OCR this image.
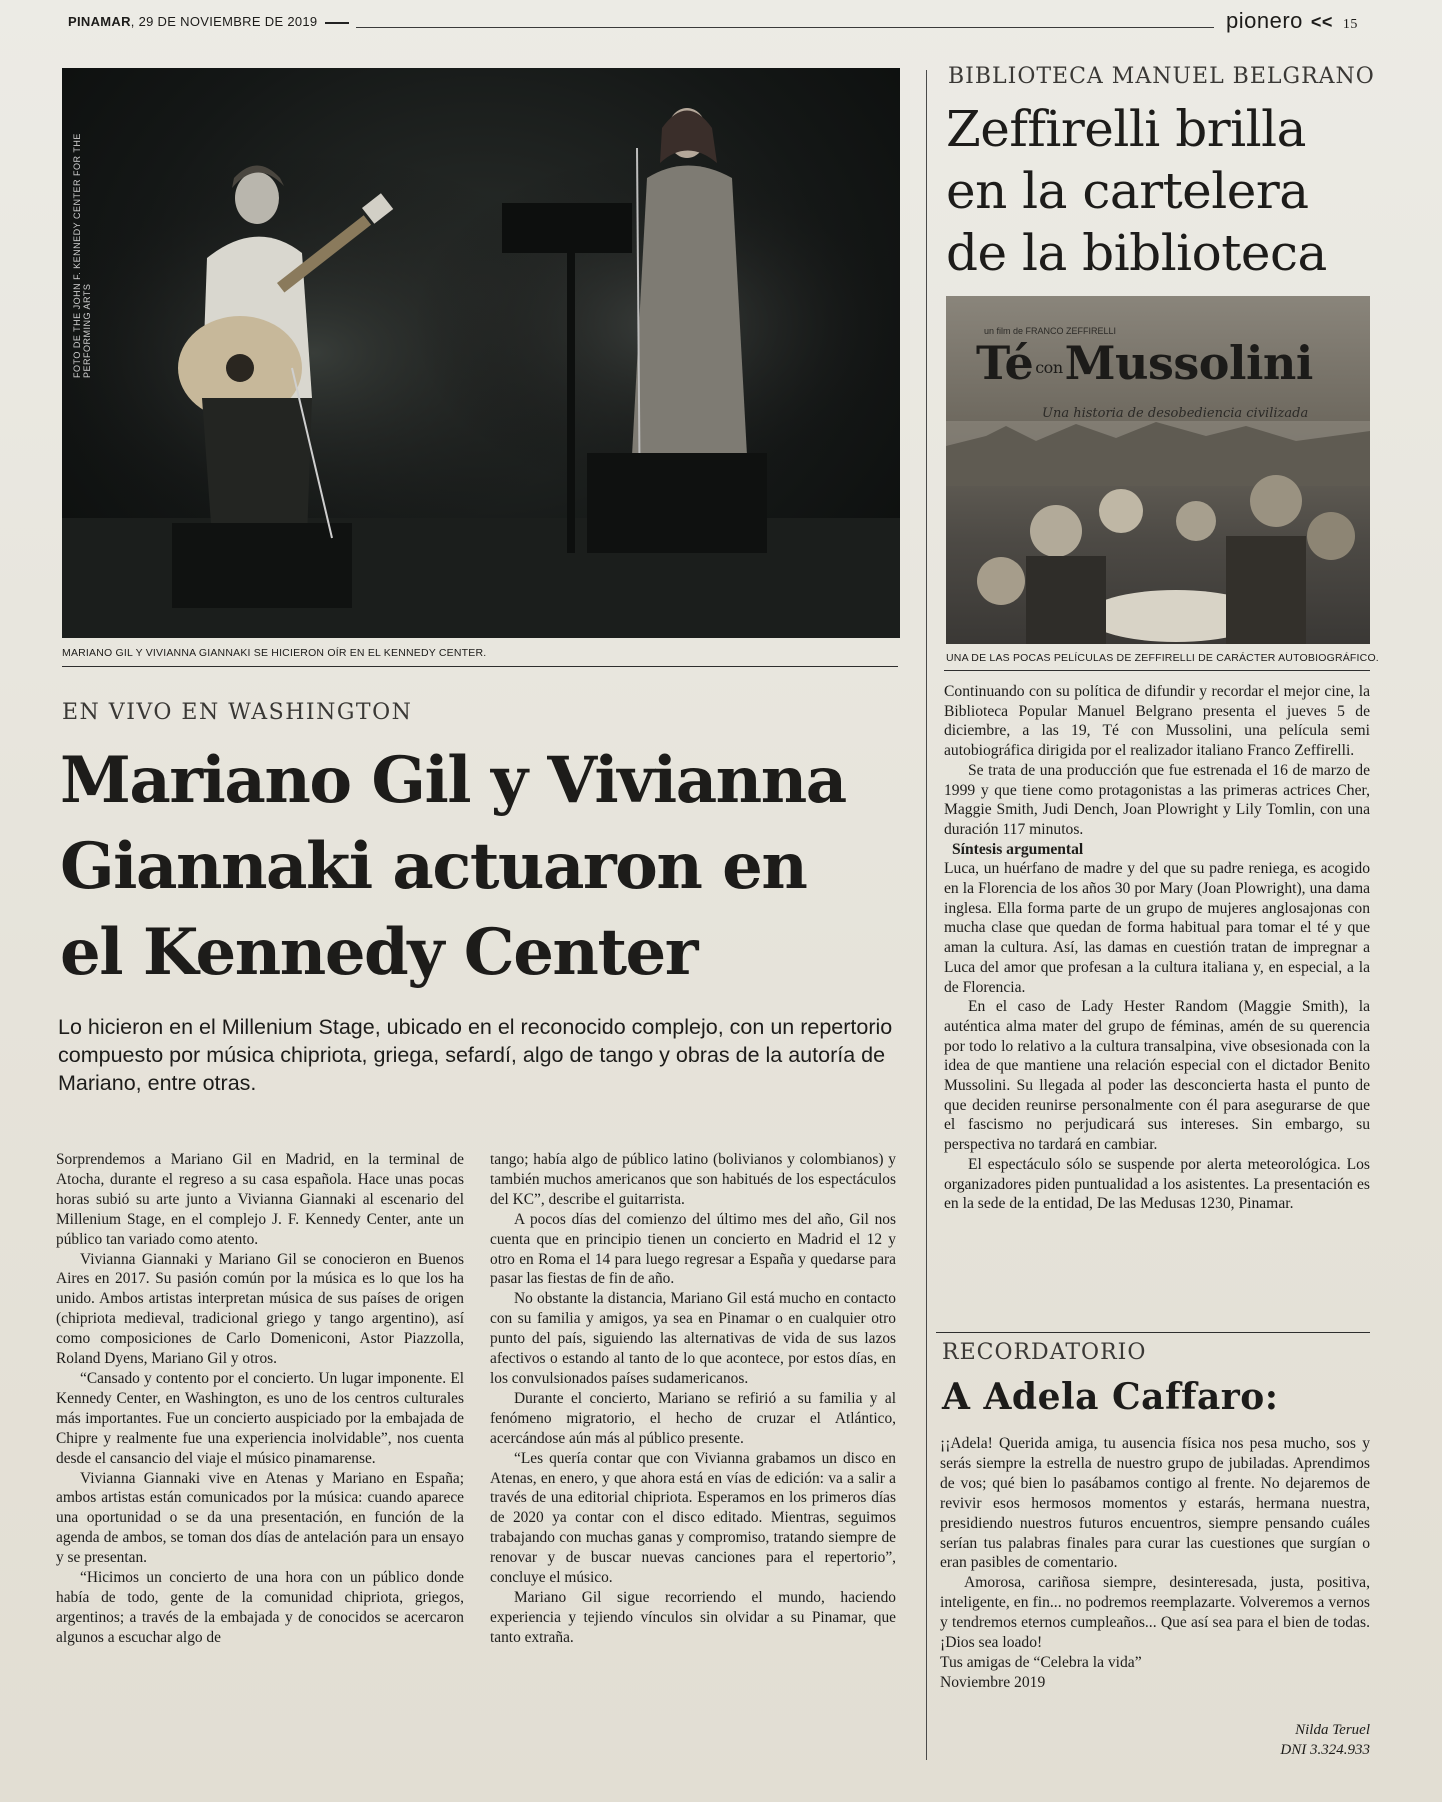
PINAMAR, 29 DE NOVIEMBRE DE 2019	pionero << 15
FOTO DE THE JOHN F. KENNEDY CENTER FOR THE PERFORMING ARTS
MARIANO GIL Y VIVIANNA GIANNAKI SE HICIERON OÍR EN EL KENNEDY CENTER.
EN VIVO EN WASHINGTON
Mariano Gil y Vivianna Giannaki actuaron en el Kennedy Center
Lo hicieron en el Millenium Stage, ubicado en el reconocido complejo, con un repertorio compuesto por música chipriota, griega, sefardí, algo de tango y obras de la autoría de Mariano, entre otras.

Sorprendemos a Mariano Gil en Madrid, en la terminal de Atocha, durante el regreso a su casa española. Hace unas pocas horas subió su arte junto a Vivianna Giannaki al escenario del Millenium Stage, en el complejo J. F. Kennedy Center, ante un público tan variado como atento.

Vivianna Giannaki y Mariano Gil se conocieron en Buenos Aires en 2017. Su pasión común por la música es lo que los ha unido. Ambos artistas interpretan música de sus países de origen (chipriota medieval, tradicional griego y tango argentino), así como composiciones de Carlo Domeniconi, Astor Piazzolla, Roland Dyens, Mariano Gil y otros.

“Cansado y contento por el concierto. Un lugar imponente. El Kennedy Center, en Washington, es uno de los centros culturales más importantes. Fue un concierto auspiciado por la embajada de Chipre y realmente fue una experiencia inolvidable”, nos cuenta desde el cansancio del viaje el músico pinamarense.

Vivianna Giannaki vive en Atenas y Mariano en España; ambos artistas están comunicados por la música: cuando aparece una oportunidad o se da una presentación, en función de la agenda de ambos, se toman dos días de antelación para un ensayo y se presentan.

“Hicimos un concierto de una hora con un público donde había de todo, gente de la comunidad chipriota, griegos, argentinos; a través de la embajada y de conocidos se acercaron algunos a escuchar algo de

tango; había algo de público latino (bolivianos y colombianos) y también muchos americanos que son habitués de los espectáculos del KC”, describe el guitarrista.

A pocos días del comienzo del último mes del año, Gil nos cuenta que en principio tienen un concierto en Madrid el 12 y otro en Roma el 14 para luego regresar a España y quedarse para pasar las fiestas de fin de año.

No obstante la distancia, Mariano Gil está mucho en contacto con su familia y amigos, ya sea en Pinamar o en cualquier otro punto del país, siguiendo las alternativas de vida de sus lazos afectivos o estando al tanto de lo que acontece, por estos días, en los convulsionados países sudamericanos.

Durante el concierto, Mariano se refirió a su familia y al fenómeno migratorio, el hecho de cruzar el Atlántico, acercándose aún más al público presente.

“Les quería contar que con Vivianna grabamos un disco en Atenas, en enero, y que ahora está en vías de edición: va a salir a través de una editorial chipriota. Esperamos en los primeros días de 2020 ya contar con el disco editado. Mientras, seguimos trabajando con muchas ganas y compromiso, tratando siempre de renovar y de buscar nuevas canciones para el repertorio”, concluye el músico.

Mariano Gil sigue recorriendo el mundo, haciendo experiencia y tejiendo vínculos sin olvidar a su Pinamar, que tanto extraña.

BIBLIOTECA MANUEL BELGRANO
Zeffirelli brilla en la cartelera de la biblioteca
un film de FRANCO ZEFFIRELLI
Té conMussolini
Una historia de desobediencia civilizada
UNA DE LAS POCAS PELÍCULAS DE ZEFFIRELLI DE CARÁCTER AUTOBIOGRÁFICO.

Continuando con su política de difundir y recordar el mejor cine, la Biblioteca Popular Manuel Belgrano presenta el jueves 5 de diciembre, a las 19, Té con Mussolini, una película semi autobiográfica dirigida por el realizador italiano Franco Zeffirelli.

Se trata de una producción que fue estrenada el 16 de marzo de 1999 y que tiene como protagonistas a las primeras actrices Cher, Maggie Smith, Judi Dench, Joan Plowright y Lily Tomlin, con una duración 117 minutos.

Síntesis argumental

Luca, un huérfano de madre y del que su padre reniega, es acogido en la Florencia de los años 30 por Mary (Joan Plowright), una dama inglesa. Ella forma parte de un grupo de mujeres anglosajonas con mucha clase que quedan de forma habitual para tomar el té y que aman la cultura. Así, las damas en cuestión tratan de impregnar a Luca del amor que profesan a la cultura italiana y, en especial, a la de Florencia.

En el caso de Lady Hester Random (Maggie Smith), la auténtica alma mater del grupo de féminas, amén de su querencia por todo lo relativo a la cultura transalpina, vive obsesionada con la idea de que mantiene una relación especial con el dictador Benito Mussolini. Su llegada al poder las desconcierta hasta el punto de que deciden reunirse personalmente con él para asegurarse de que el fascismo no perjudicará sus intereses. Sin embargo, su perspectiva no tardará en cambiar.

El espectáculo sólo se suspende por alerta meteorológica. Los organizadores piden puntualidad a los asistentes. La presentación es en la sede de la entidad, De las Medusas 1230, Pinamar.

RECORDATORIO
A Adela Caffaro:

¡¡Adela! Querida amiga, tu ausencia física nos pesa mucho, sos y serás siempre la estrella de nuestro grupo de jubiladas. Aprendimos de vos; qué bien lo pasábamos contigo al frente. No dejaremos de revivir esos hermosos momentos y estarás, hermana nuestra, presidiendo nuestros futuros encuentros, siempre pensando cuáles serían tus palabras finales para curar las cuestiones que surgían o eran pasibles de comentario.

Amorosa, cariñosa siempre, desinteresada, justa, positiva, inteligente, en fin... no podremos reemplazarte. Volveremos a vernos y tendremos eternos cumpleaños... Que así sea para el bien de todas. ¡Dios sea loado!

Tus amigas de “Celebra la vida”

Noviembre 2019

Nilda Teruel
DNI 3.324.933
